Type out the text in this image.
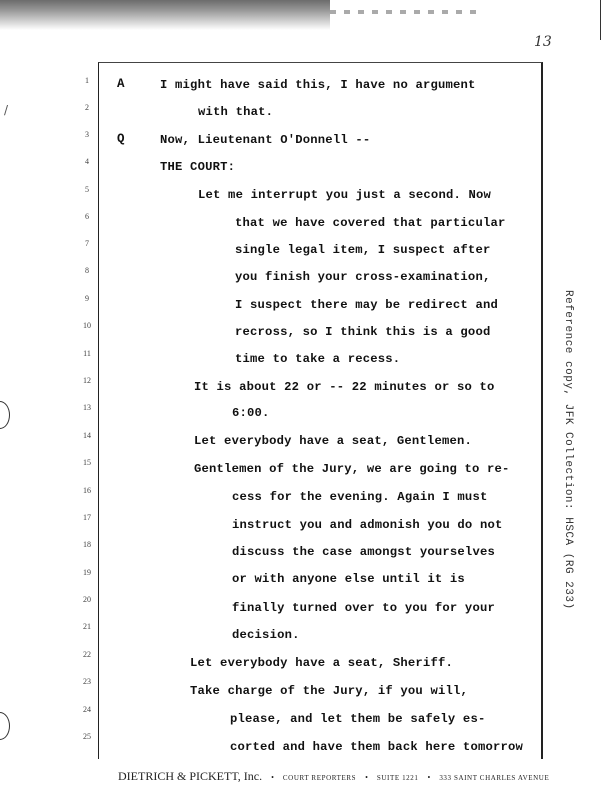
13
/
1
2
3
4
5
6
7
8
9
10
11
12
13
14
15
16
17
18
19
20
21
22
23
24
25
A
Q
I might have said this, I have no argument
with that.
Now, Lieutenant O'Donnell --
THE COURT:
Let me interrupt you just a second. Now
that we have covered that particular
single legal item, I suspect after
you finish your cross-examination,
I suspect there may be redirect and
recross, so I think this is a good
time to take a recess.
It is about 22 or -- 22 minutes or so to
6:00.
Let everybody have a seat, Gentlemen.
Gentlemen of the Jury, we are going to re-
cess for the evening. Again I must
instruct you and admonish you do not
discuss the case amongst yourselves
or with anyone else until it is
finally turned over to you for your
decision.
Let everybody have a seat, Sheriff.
Take charge of the Jury, if you will,
please, and let them be safely es-
corted and have them back here tomorrow
Reference copy, JFK Collection: HSCA (RG 233)
DIETRICH & PICKETT, Inc. • COURT REPORTERS • SUITE 1221 • 333 SAINT CHARLES AVENUE
